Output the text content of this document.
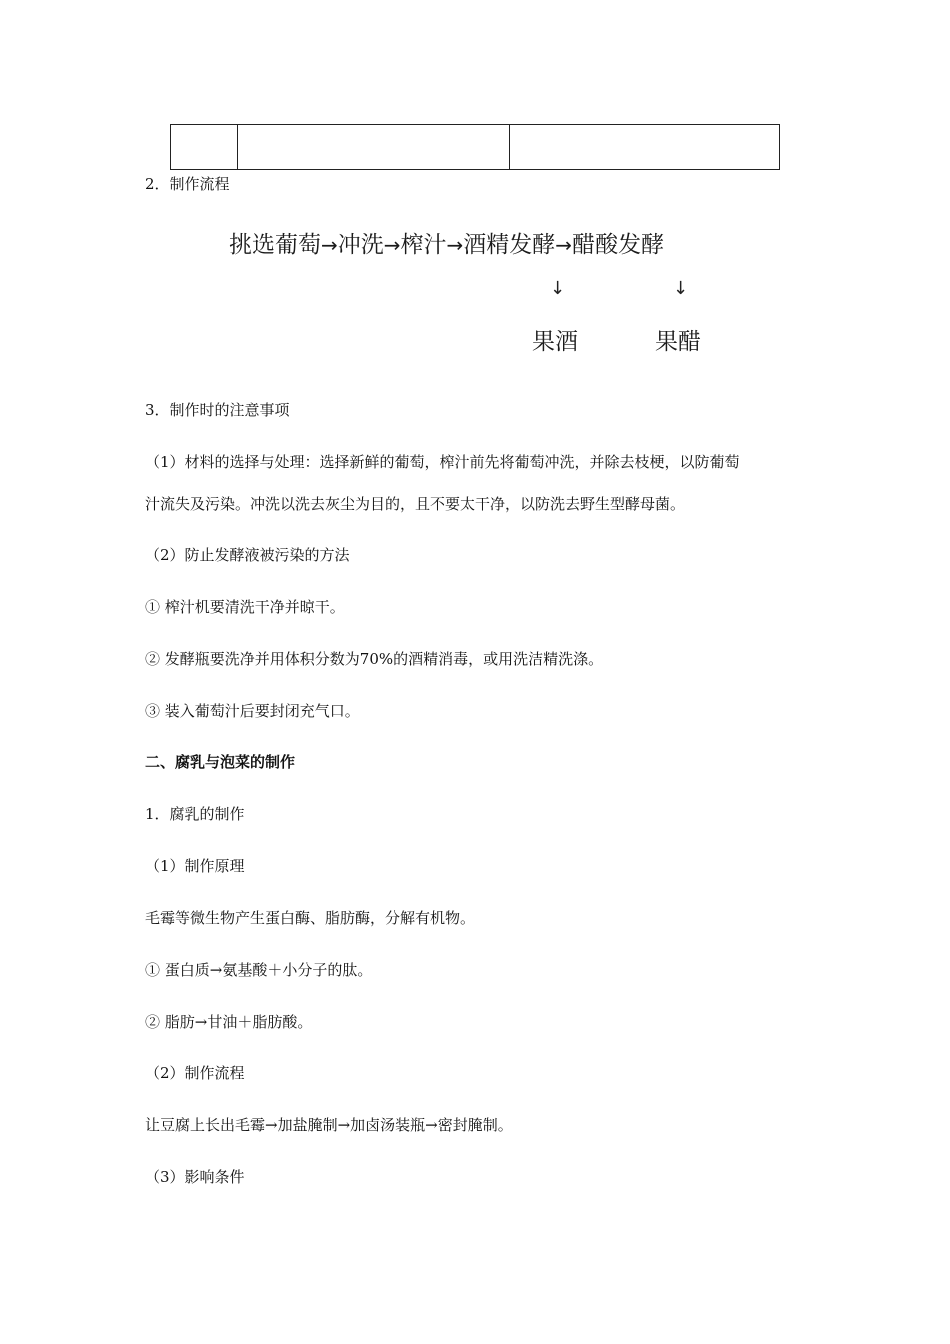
2．制作流程
挑选葡萄→冲洗→榨汁→酒精发酵→醋酸发酵
↓	↓
果酒	果醋
3．制作时的注意事项
（1）材料的选择与处理：选择新鲜的葡萄，榨汁前先将葡萄冲洗，并除去枝梗，以防葡萄
汁流失及污染。冲洗以洗去灰尘为目的，且不要太干净，以防洗去野生型酵母菌。
（2）防止发酵液被污染的方法
① 榨汁机要清洗干净并晾干。
② 发酵瓶要洗净并用体积分数为70%的酒精消毒，或用洗洁精洗涤。
③ 装入葡萄汁后要封闭充气口。
二、腐乳与泡菜的制作
1．腐乳的制作
（1）制作原理
毛霉等微生物产生蛋白酶、脂肪酶，分解有机物。
① 蛋白质→氨基酸＋小分子的肽。
② 脂肪→甘油＋脂肪酸。
（2）制作流程
让豆腐上长出毛霉→加盐腌制→加卤汤装瓶→密封腌制。
（3）影响条件
